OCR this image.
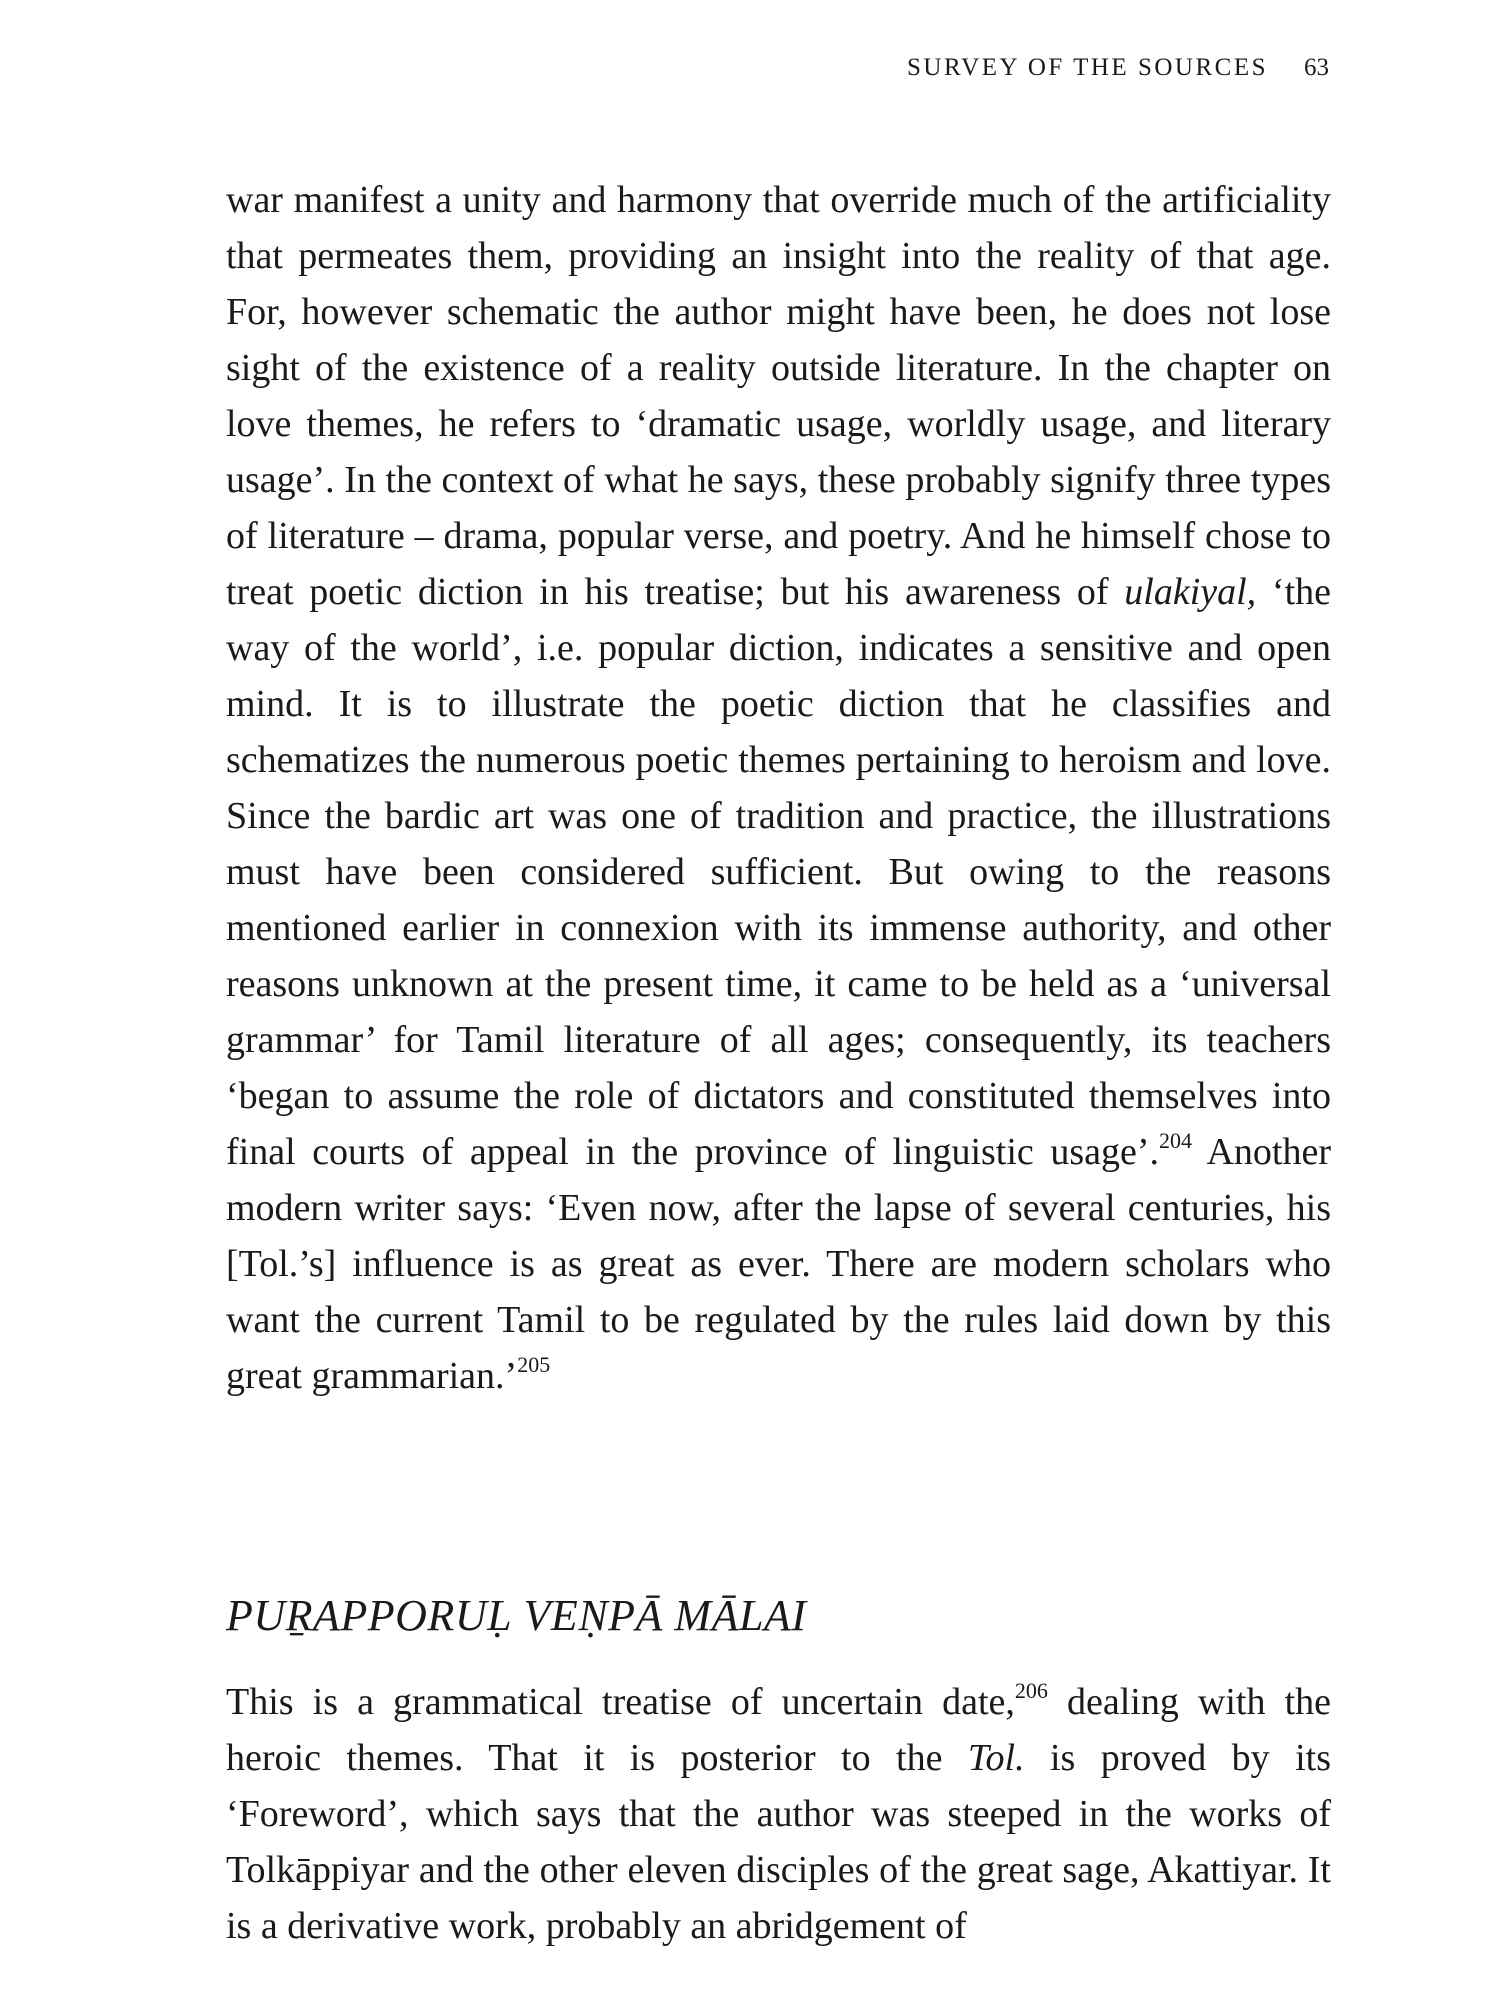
SURVEY OF THE SOURCES 63

war manifest a unity and harmony that override much of the artificiality that permeates them, providing an insight into the reality of that age. For, however schematic the author might have been, he does not lose sight of the existence of a reality outside literature. In the chapter on love themes, he refers to ‘dramatic usage, worldly usage, and literary usage’. In the context of what he says, these probably signify three types of literature – drama, popular verse, and poetry. And he himself chose to treat poetic diction in his treatise; but his awareness of ulakiyal, ‘the way of the world’, i.e. popular diction, indicates a sensitive and open mind. It is to illustrate the poetic diction that he classifies and schematizes the numerous poetic themes pertaining to heroism and love. Since the bardic art was one of tradition and practice, the illustrations must have been considered sufficient. But owing to the reasons mentioned earlier in connexion with its immense authority, and other reasons unknown at the present time, it came to be held as a ‘universal grammar’ for Tamil literature of all ages; consequently, its teachers ‘began to assume the role of dictators and constituted themselves into final courts of appeal in the province of linguistic usage’.$^{204}$ Another modern writer says: ‘Even now, after the lapse of several centuries, his [Tol.’s] influence is as great as ever. There are modern scholars who want the current Tamil to be regulated by the rules laid down by this great grammarian.’$^{205}$

PUṞAPPORUḶ VEṆPĀ MĀLAI

This is a grammatical treatise of uncertain date,$^{206}$ dealing with the heroic themes. That it is posterior to the Tol. is proved by its ‘Foreword’, which says that the author was steeped in the works of Tolkāppiyar and the other eleven disciples of the great sage, Akattiyar. It is a derivative work, probably an abridgement of
